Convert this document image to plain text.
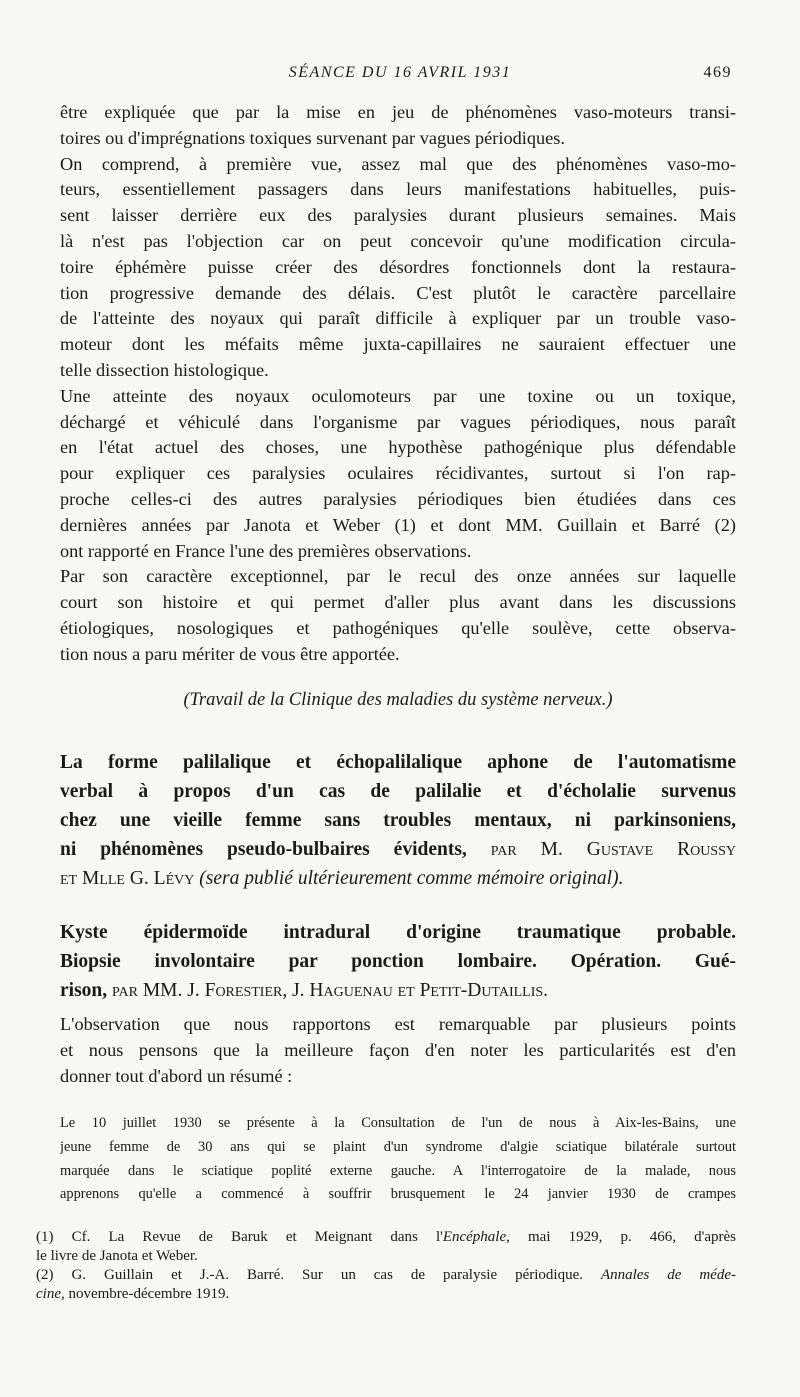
SÉANCE DU 16 AVRIL 1931	469
être expliquée que par la mise en jeu de phénomènes vaso-moteurs transi-
toires ou d'imprégnations toxiques survenant par vagues périodiques.
On comprend, à première vue, assez mal que des phénomènes vaso-mo-
teurs, essentiellement passagers dans leurs manifestations habituelles, puis-
sent laisser derrière eux des paralysies durant plusieurs semaines. Mais
là n'est pas l'objection car on peut concevoir qu'une modification circula-
toire éphémère puisse créer des désordres fonctionnels dont la restaura-
tion progressive demande des délais. C'est plutôt le caractère parcellaire
de l'atteinte des noyaux qui paraît difficile à expliquer par un trouble vaso-
moteur dont les méfaits même juxta-capillaires ne sauraient effectuer une
telle dissection histologique.
Une atteinte des noyaux oculomoteurs par une toxine ou un toxique,
déchargé et véhiculé dans l'organisme par vagues périodiques, nous paraît
en l'état actuel des choses, une hypothèse pathogénique plus défendable
pour expliquer ces paralysies oculaires récidivantes, surtout si l'on rap-
proche celles-ci des autres paralysies périodiques bien étudiées dans ces
dernières années par Janota et Weber (1) et dont MM. Guillain et Barré (2)
ont rapporté en France l'une des premières observations.
Par son caractère exceptionnel, par le recul des onze années sur laquelle
court son histoire et qui permet d'aller plus avant dans les discussions
étiologiques, nosologiques et pathogéniques qu'elle soulève, cette observa-
tion nous a paru mériter de vous être apportée.
(Travail de la Clinique des maladies du système nerveux.)
La forme palilalique et échopalilalique aphone de l'automatisme
verbal à propos d'un cas de palilalie et d'écholalie survenus
chez une vieille femme sans troubles mentaux, ni parkinsoniens,
ni phénomènes pseudo-bulbaires évidents, par M. Gustave Roussy
et Mlle G. Lévy (sera publié ultérieurement comme mémoire original).
Kyste épidermoïde intradural d'origine traumatique probable.
Biopsie involontaire par ponction lombaire. Opération. Gué-
rison, par MM. J. Forestier, J. Haguenau et Petit-Dutaillis.
L'observation que nous rapportons est remarquable par plusieurs points
et nous pensons que la meilleure façon d'en noter les particularités est d'en
donner tout d'abord un résumé :
Le 10 juillet 1930 se présente à la Consultation de l'un de nous à Aix-les-Bains, une
jeune femme de 30 ans qui se plaint d'un syndrome d'algie sciatique bilatérale surtout
marquée dans le sciatique poplité externe gauche. A l'interrogatoire de la malade, nous
apprenons qu'elle a commencé à souffrir brusquement le 24 janvier 1930 de crampes
(1) Cf. La Revue de Baruk et Meignant dans l'Encéphale, mai 1929, p. 466, d'après
le livre de Janota et Weber.
(2) G. Guillain et J.-A. Barré. Sur un cas de paralysie périodique. Annales de méde-
cine, novembre-décembre 1919.
